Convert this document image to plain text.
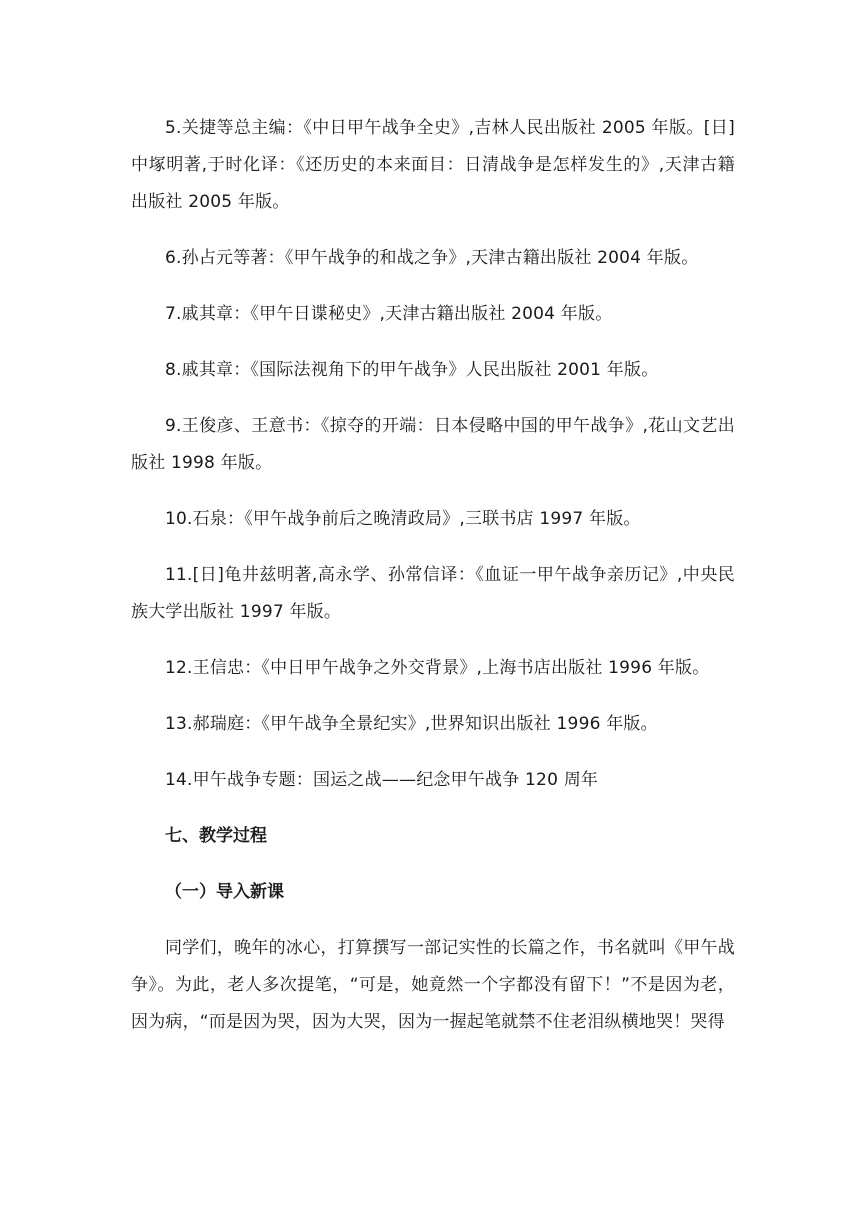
5.关捷等总主编：《中日甲午战争全史》,吉林人民出版社 2005 年版。[日]中塚明著,于时化译：《还历史的本来面目：日清战争是怎样发生的》,天津古籍出版社 2005 年版。

6.孙占元等著：《甲午战争的和战之争》,天津古籍出版社 2004 年版。

7.戚其章：《甲午日谍秘史》,天津古籍出版社 2004 年版。

8.戚其章：《国际法视角下的甲午战争》人民出版社 2001 年版。

9.王俊彦、王意书：《掠夺的开端：日本侵略中国的甲午战争》,花山文艺出版社 1998 年版。

10.石泉：《甲午战争前后之晚清政局》,三联书店 1997 年版。

11.[日]龟井兹明著,高永学、孙常信译：《血证一甲午战争亲历记》,中央民族大学出版社 1997 年版。

12.王信忠：《中日甲午战争之外交背景》,上海书店出版社 1996 年版。

13.郝瑞庭：《甲午战争全景纪实》,世界知识出版社 1996 年版。

14.甲午战争专题：国运之战——纪念甲午战争 120 周年

七、教学过程

（一）导入新课

同学们，晚年的冰心，打算撰写一部记实性的长篇之作，书名就叫《甲午战争》。为此，老人多次提笔，“可是，她竟然一个字都没有留下！”不是因为老，因为病，“而是因为哭，因为大哭，因为一握起笔就禁不住老泪纵横地哭！哭得
